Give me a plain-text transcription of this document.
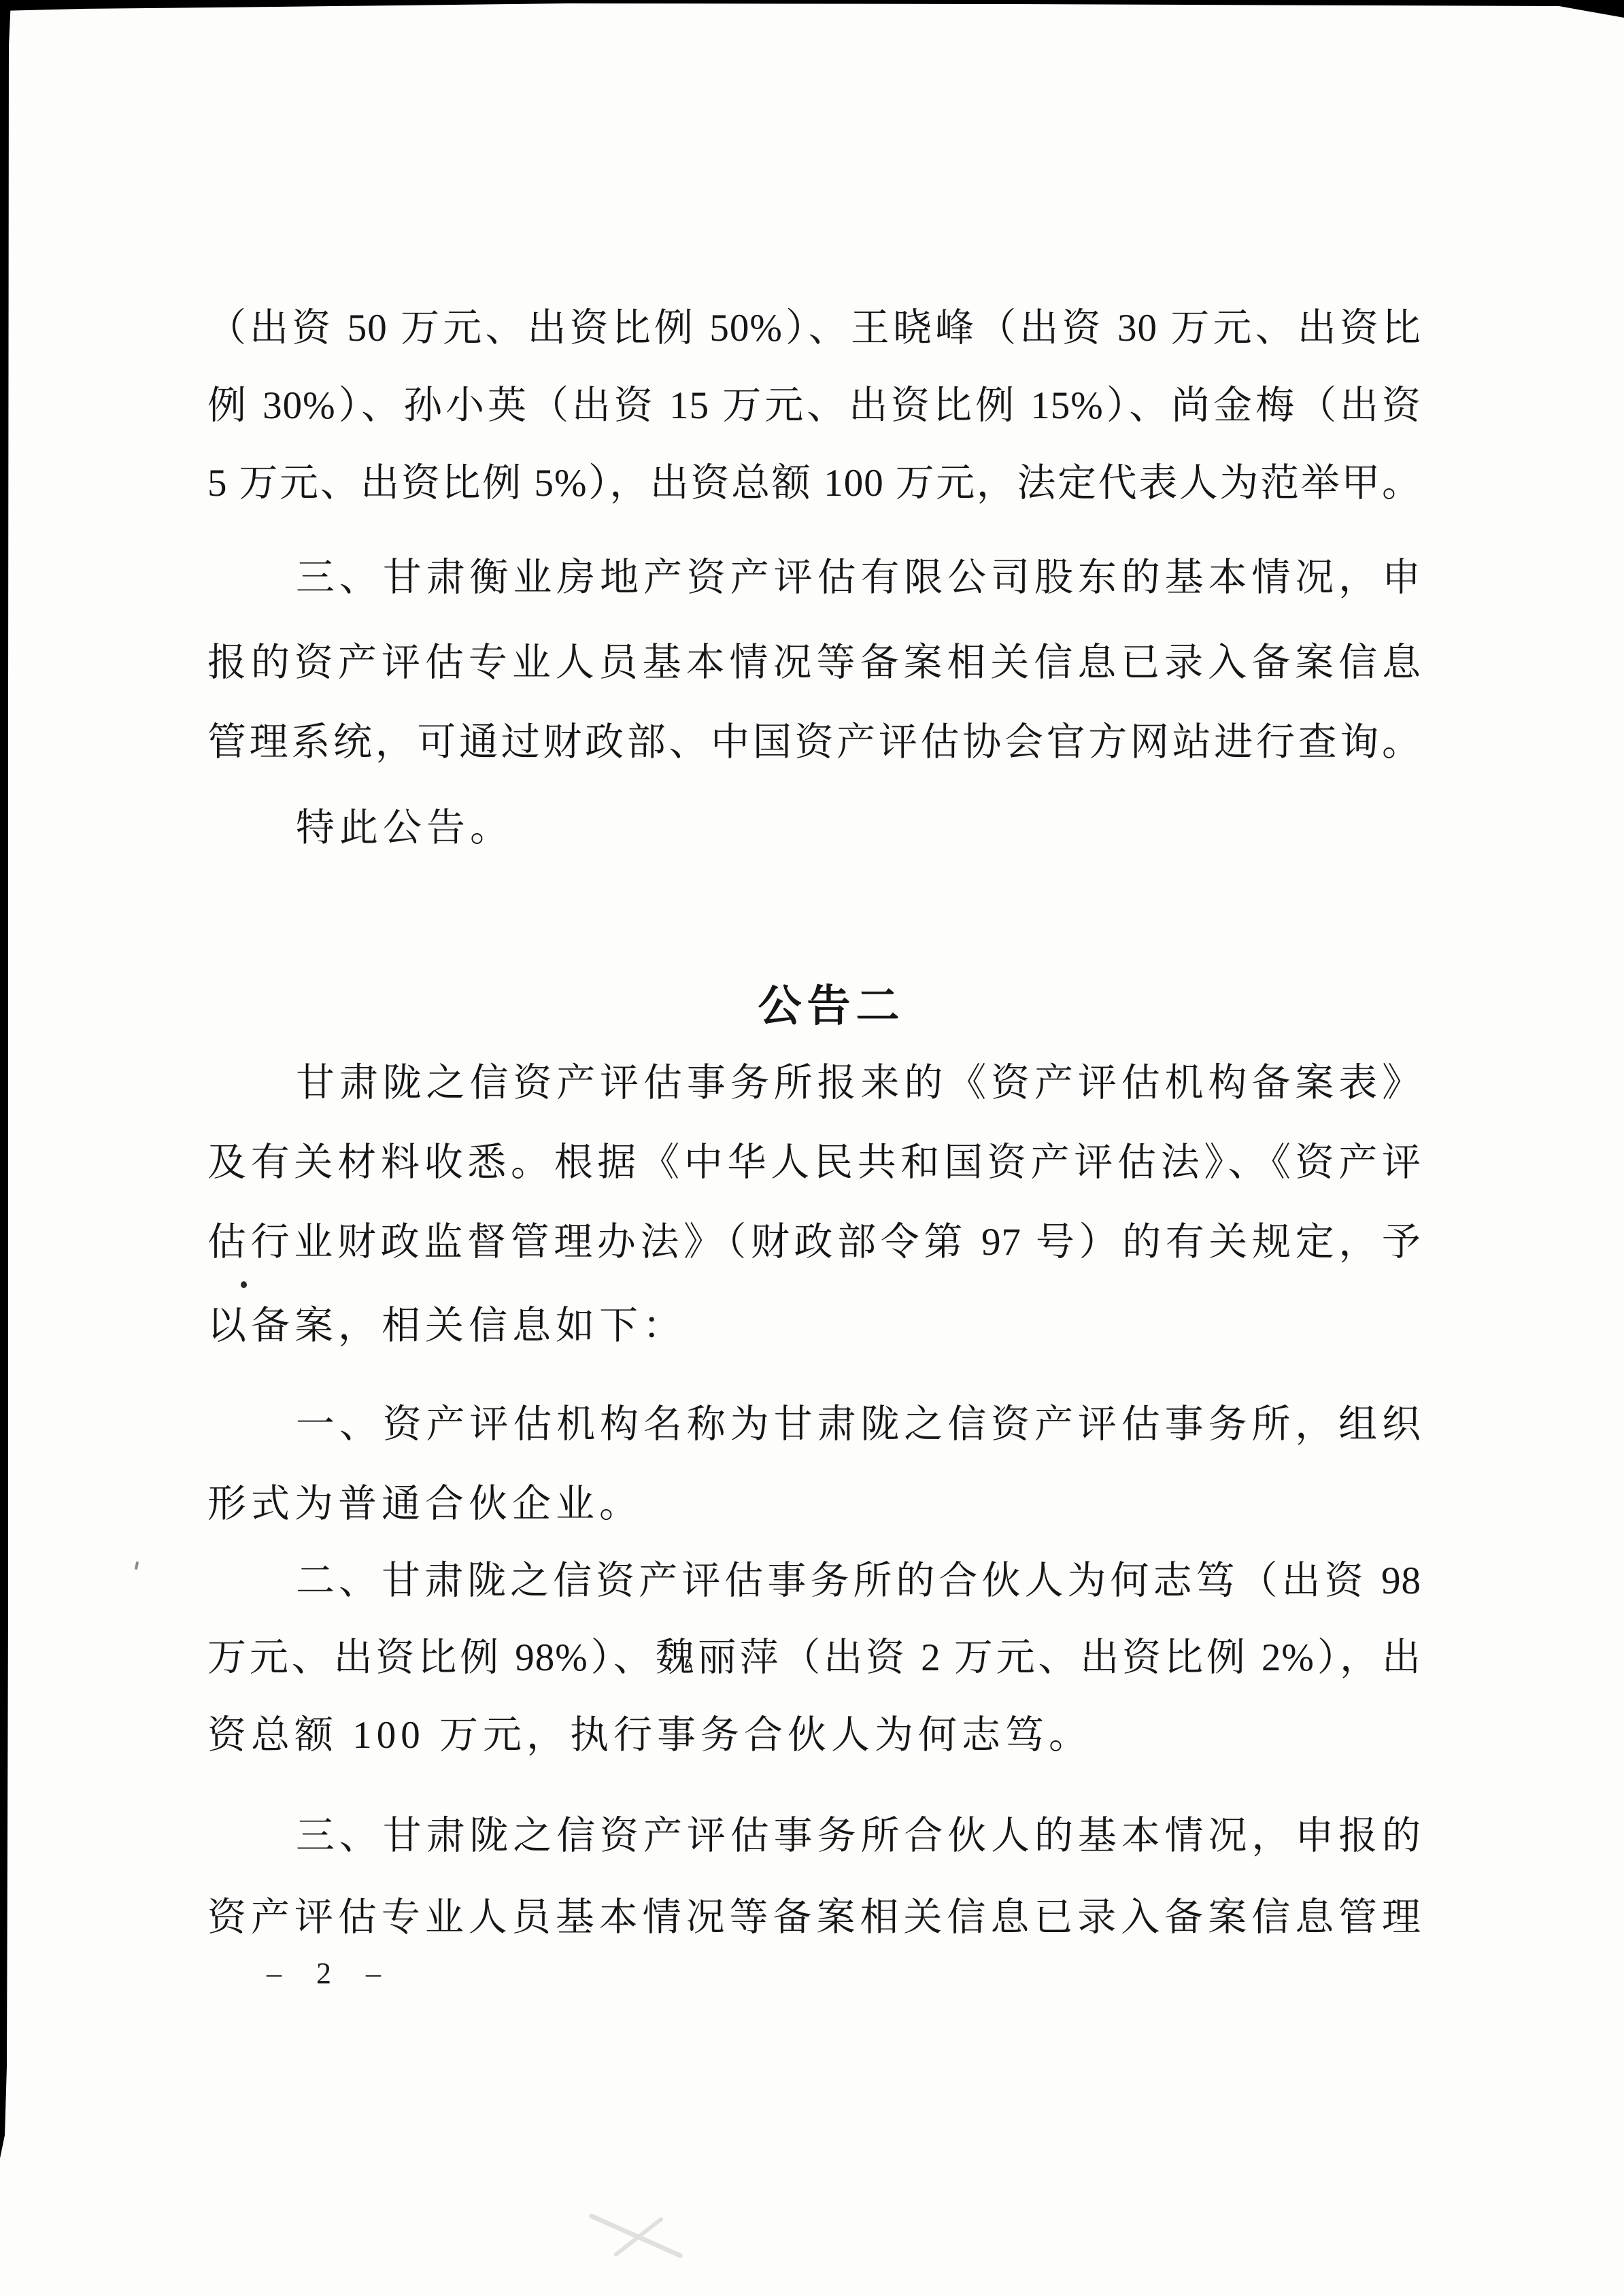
（出资 50 万元、出资比例 50%）、王晓峰（出资 30 万元、出资比
例 30%）、孙小英（出资 15 万元、出资比例 15%）、尚金梅（出资
5 万元、出资比例 5%），出资总额 100 万元，法定代表人为范举甲。
三、甘肃衡业房地产资产评估有限公司股东的基本情况，申
报的资产评估专业人员基本情况等备案相关信息已录入备案信息
管理系统，可通过财政部、中国资产评估协会官方网站进行查询。
特此公告。
公告二
甘肃陇之信资产评估事务所报来的《资产评估机构备案表》
及有关材料收悉。根据《中华人民共和国资产评估法》、《资产评
估行业财政监督管理办法》（财政部令第 97 号）的有关规定，予
以备案，相关信息如下：
一、资产评估机构名称为甘肃陇之信资产评估事务所，组织
形式为普通合伙企业。
二、甘肃陇之信资产评估事务所的合伙人为何志笃（出资 98
万元、出资比例 98%）、魏丽萍（出资 2 万元、出资比例 2%），出
资总额 100 万元，执行事务合伙人为何志笃。
三、甘肃陇之信资产评估事务所合伙人的基本情况，申报的
资产评估专业人员基本情况等备案相关信息已录入备案信息管理
– 2 –
